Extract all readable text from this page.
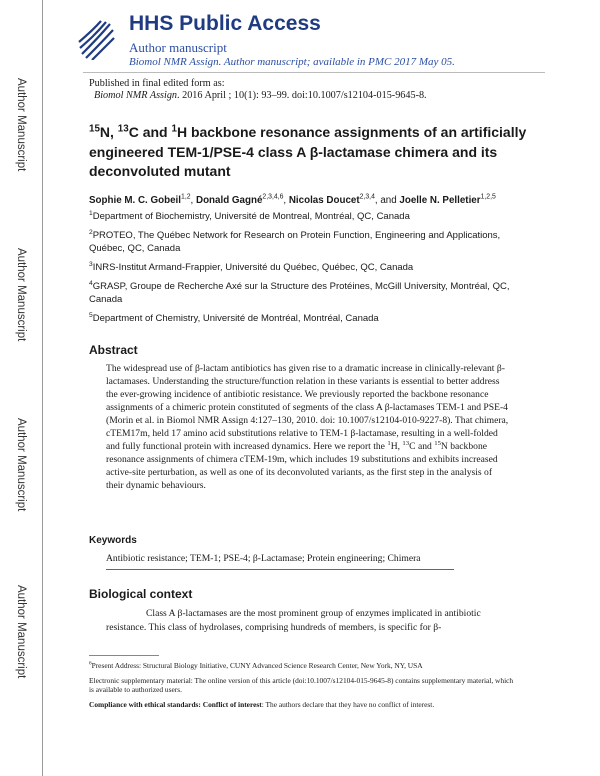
Author Manuscript
Author Manuscript
Author Manuscript
Author Manuscript
HHS Public Access
Author manuscript
Biomol NMR Assign. Author manuscript; available in PMC 2017 May 05.
Published in final edited form as:
Biomol NMR Assign. 2016 April ; 10(1): 93–99. doi:10.1007/s12104-015-9645-8.
$^{15}$N, $^{13}$C and $^1$H backbone resonance assignments of an artificially engineered TEM-1/PSE-4 class A β-lactamase chimera and its deconvoluted mutant
Sophie M. C. Gobeil$^{1,2}$, Donald Gagné$^{2,3,4,6}$, Nicolas Doucet$^{2,3,4}$, and Joelle N. Pelletier$^{1,2,5}$

$^1$Department of Biochemistry, Université de Montreal, Montréal, QC, Canada

$^2$PROTEO, The Québec Network for Research on Protein Function, Engineering and Applications, Québec, QC, Canada

$^3$INRS-Institut Armand-Frappier, Université du Québec, Québec, QC, Canada

$^4$GRASP, Groupe de Recherche Axé sur la Structure des Protéines, McGill University, Montréal, QC, Canada

$^5$Department of Chemistry, Université de Montréal, Montréal, Canada

Abstract
The widespread use of β-lactam antibiotics has given rise to a dramatic increase in clinically-relevant β-lactamases. Understanding the structure/function relation in these variants is essential to better address the ever-growing incidence of antibiotic resistance. We previously reported the backbone resonance assignments of a chimeric protein constituted of segments of the class A β-lactamases TEM-1 and PSE-4 (Morin et al. in Biomol NMR Assign 4:127–130, 2010. doi: 10.1007/s12104-010-9227-8). That chimera, cTEM17m, held 17 amino acid substitutions relative to TEM-1 β-lactamase, resulting in a well-folded and fully functional protein with increased dynamics. Here we report the $^1$H, $^{13}$C and $^{15}$N backbone resonance assignments of chimera cTEM-19m, which includes 19 substitutions and exhibits increased active-site perturbation, as well as one of its deconvoluted variants, as the first step in the analysis of their dynamic behaviours.
Keywords
Antibiotic resistance; TEM-1; PSE-4; β-Lactamase; Protein engineering; Chimera
Biological context
Class A β-lactamases are the most prominent group of enzymes implicated in antibiotic resistance. This class of hydrolases, comprising hundreds of members, is specific for β-

$^6$Present Address: Structural Biology Initiative, CUNY Advanced Science Research Center, New York, NY, USA

Electronic supplementary material: The online version of this article (doi:10.1007/s12104-015-9645-8) contains supplementary material, which is available to authorized users.

Compliance with ethical standards: Conflict of interest: The authors declare that they have no conflict of interest.
